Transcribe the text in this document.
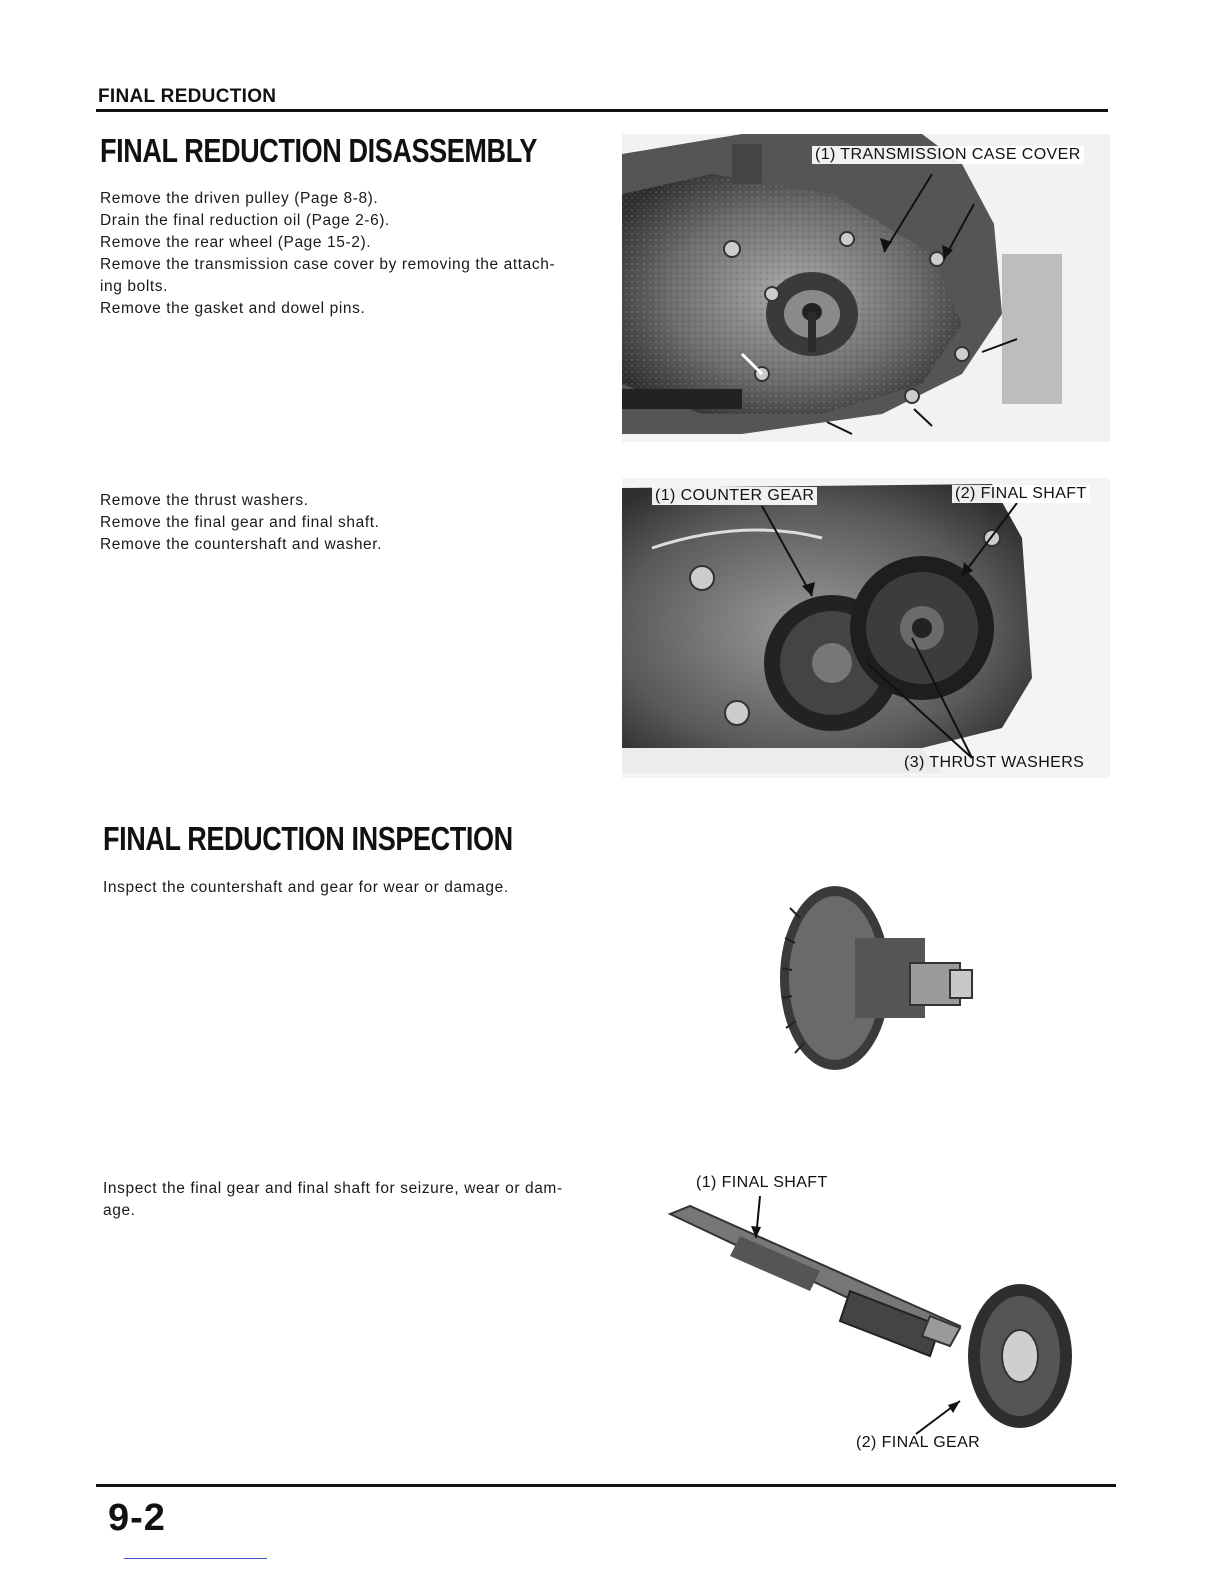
FINAL REDUCTION
FINAL REDUCTION DISASSEMBLY

Remove the driven pulley (Page 8-8).

Drain the final reduction oil (Page 2-6).

Remove the rear wheel (Page 15-2).

Remove the transmission case cover by removing the attach-

ing bolts.

Remove the gasket and dowel pins.

(1) TRANSMISSION CASE COVER

Remove the thrust washers.

Remove the final gear and final shaft.

Remove the countershaft and washer.

(1) COUNTER GEAR	(2) FINAL SHAFT
(3) THRUST WASHERS
FINAL REDUCTION INSPECTION
Inspect the countershaft and gear for wear or damage.

Inspect the final gear and final shaft for seizure, wear or dam-

age.

(1) FINAL SHAFT
(2) FINAL GEAR
9-2
